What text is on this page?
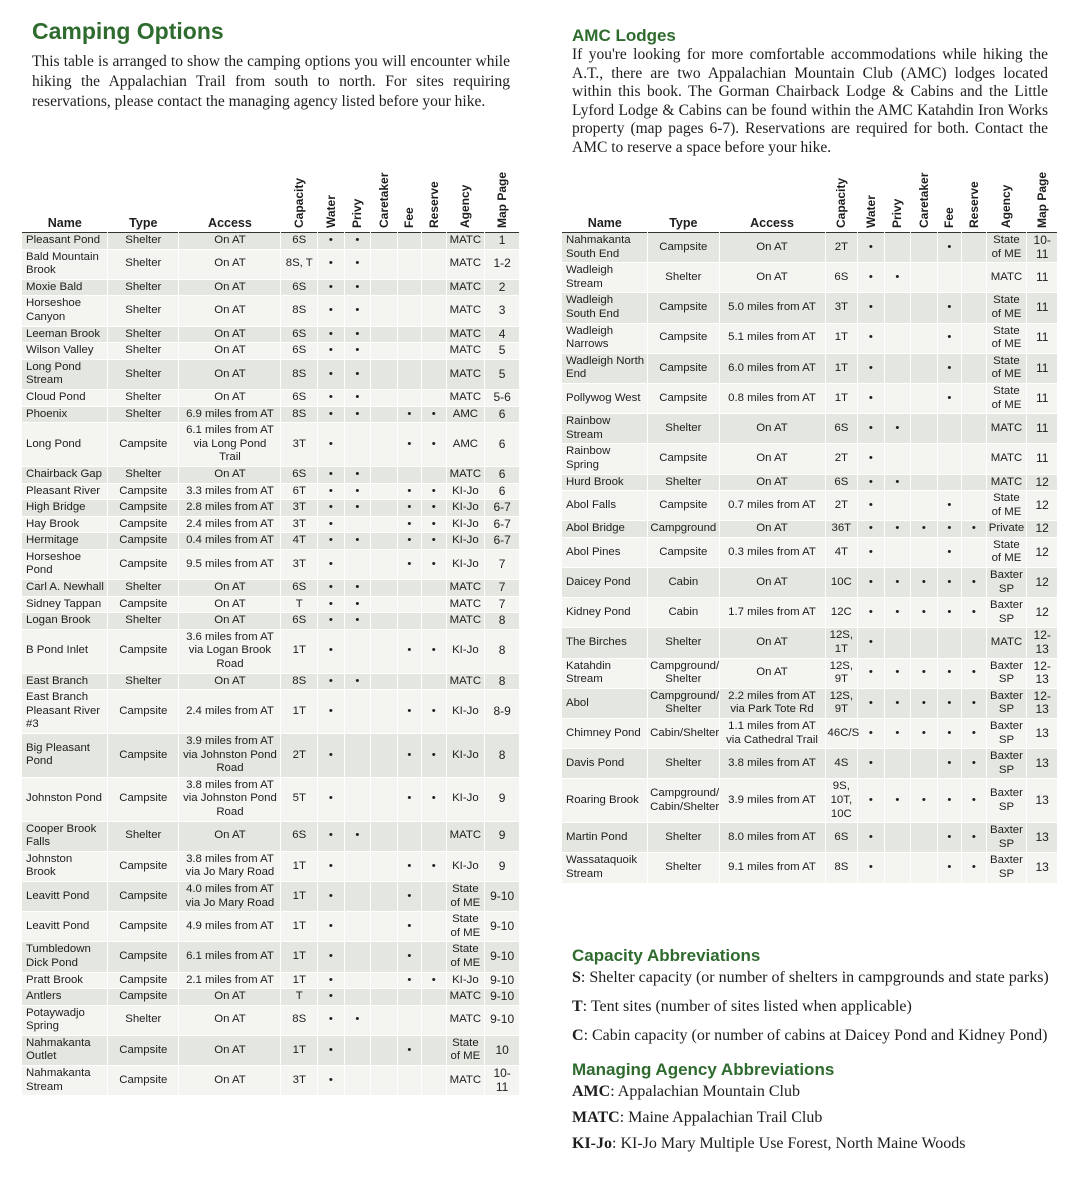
Camping Options
This table is arranged to show the camping options you will encounter while hiking the Appalachian Trail from south to north. For sites requiring reservations, please contact the managing agency listed before your hike.
AMC Lodges
If you're looking for more comfortable accommodations while hiking the A.T., there are two Appalachian Mountain Club (AMC) lodges located within this book. The Gorman Chairback Lodge & Cabins and the Little Lyford Lodge & Cabins can be found within the AMC Katahdin Iron Works property (map pages 6-7). Reservations are required for both. Contact the AMC to reserve a space before your hike.
Name	Type	Access	Capacity	Water	Privy	Caretaker	Fee	Reserve	Agency	Map Page

Pleasant Pond	Shelter	On AT	6S	•	•				MATC	1
Bald Mountain Brook	Shelter	On AT	8S, T	•	•				MATC	1-2
Moxie Bald	Shelter	On AT	6S	•	•				MATC	2
Horseshoe Canyon	Shelter	On AT	8S	•	•				MATC	3
Leeman Brook	Shelter	On AT	6S	•	•				MATC	4
Wilson Valley	Shelter	On AT	6S	•	•				MATC	5
Long Pond Stream	Shelter	On AT	8S	•	•				MATC	5
Cloud Pond	Shelter	On AT	6S	•	•				MATC	5-6
Phoenix	Shelter	6.9 miles from AT	8S	•	•		•	•	AMC	6
Long Pond	Campsite	6.1 miles from AT via Long Pond Trail	3T	•			•	•	AMC	6
Chairback Gap	Shelter	On AT	6S	•	•				MATC	6
Pleasant River	Campsite	3.3 miles from AT	6T	•	•		•	•	KI-Jo	6
High Bridge	Campsite	2.8 miles from AT	3T	•	•		•	•	KI-Jo	6-7
Hay Brook	Campsite	2.4 miles from AT	3T	•			•	•	KI-Jo	6-7
Hermitage	Campsite	0.4 miles from AT	4T	•	•		•	•	KI-Jo	6-7
Horseshoe Pond	Campsite	9.5 miles from AT	3T	•			•	•	KI-Jo	7
Carl A. Newhall	Shelter	On AT	6S	•	•				MATC	7
Sidney Tappan	Campsite	On AT	T	•	•				MATC	7
Logan Brook	Shelter	On AT	6S	•	•				MATC	8
B Pond Inlet	Campsite	3.6 miles from AT via Logan Brook Road	1T	•			•	•	KI-Jo	8
East Branch	Shelter	On AT	8S	•	•				MATC	8
East Branch Pleasant River #3	Campsite	2.4 miles from AT	1T	•			•	•	KI-Jo	8-9
Big Pleasant Pond	Campsite	3.9 miles from AT via Johnston Pond Road	2T	•			•	•	KI-Jo	8
Johnston Pond	Campsite	3.8 miles from AT via Johnston Pond Road	5T	•			•	•	KI-Jo	9
Cooper Brook Falls	Shelter	On AT	6S	•	•				MATC	9
Johnston Brook	Campsite	3.8 miles from AT via Jo Mary Road	1T	•			•	•	KI-Jo	9
Leavitt Pond	Campsite	4.0 miles from AT via Jo Mary Road	1T	•			•		State of ME	9-10
Leavitt Pond	Campsite	4.9 miles from AT	1T	•			•		State of ME	9-10
Tumbledown Dick Pond	Campsite	6.1 miles from AT	1T	•			•		State of ME	9-10
Pratt Brook	Campsite	2.1 miles from AT	1T	•			•	•	KI-Jo	9-10
Antlers	Campsite	On AT	T	•					MATC	9-10
Potaywadjo Spring	Shelter	On AT	8S	•	•				MATC	9-10
Nahmakanta Outlet	Campsite	On AT	1T	•			•		State of ME	10
Nahmakanta Stream	Campsite	On AT	3T	•					MATC	10-11
Name	Type	Access	Capacity	Water	Privy	Caretaker	Fee	Reserve	Agency	Map Page

Nahmakanta South End	Campsite	On AT	2T	•			•		State of ME	10-11
Wadleigh Stream	Shelter	On AT	6S	•	•				MATC	11
Wadleigh South End	Campsite	5.0 miles from AT	3T	•			•		State of ME	11
Wadleigh Narrows	Campsite	5.1 miles from AT	1T	•			•		State of ME	11
Wadleigh North End	Campsite	6.0 miles from AT	1T	•			•		State of ME	11
Pollywog West	Campsite	0.8 miles from AT	1T	•			•		State of ME	11
Rainbow Stream	Shelter	On AT	6S	•	•				MATC	11
Rainbow Spring	Campsite	On AT	2T	•					MATC	11
Hurd Brook	Shelter	On AT	6S	•	•				MATC	12
Abol Falls	Campsite	0.7 miles from AT	2T	•			•		State of ME	12
Abol Bridge	Campground	On AT	36T	•	•	•	•	•	Private	12
Abol Pines	Campsite	0.3 miles from AT	4T	•			•		State of ME	12
Daicey Pond	Cabin	On AT	10C	•	•	•	•	•	Baxter SP	12
Kidney Pond	Cabin	1.7 miles from AT	12C	•	•	•	•	•	Baxter SP	12
The Birches	Shelter	On AT	12S, 1T	•					MATC	12-13
Katahdin Stream	Campground/ Shelter	On AT	12S, 9T	•	•	•	•	•	Baxter SP	12-13
Abol	Campground/ Shelter	2.2 miles from AT via Park Tote Rd	12S, 9T	•	•	•	•	•	Baxter SP	12-13
Chimney Pond	Cabin/Shelter	1.1 miles from AT via Cathedral Trail	46C/S	•	•	•	•	•	Baxter SP	13
Davis Pond	Shelter	3.8 miles from AT	4S	•			•	•	Baxter SP	13
Roaring Brook	Campground/ Cabin/Shelter	3.9 miles from AT	9S, 10T, 10C	•	•	•	•	•	Baxter SP	13
Martin Pond	Shelter	8.0 miles from AT	6S	•			•	•	Baxter SP	13
Wassataquoik Stream	Shelter	9.1 miles from AT	8S	•			•	•	Baxter SP	13
Capacity Abbreviations
S: Shelter capacity (or number of shelters in campgrounds and state parks)
T: Tent sites (number of sites listed when applicable)
C: Cabin capacity (or number of cabins at Daicey Pond and Kidney Pond)
Managing Agency Abbreviations
AMC: Appalachian Mountain Club
MATC: Maine Appalachian Trail Club
KI-Jo: KI-Jo Mary Multiple Use Forest, North Maine Woods
